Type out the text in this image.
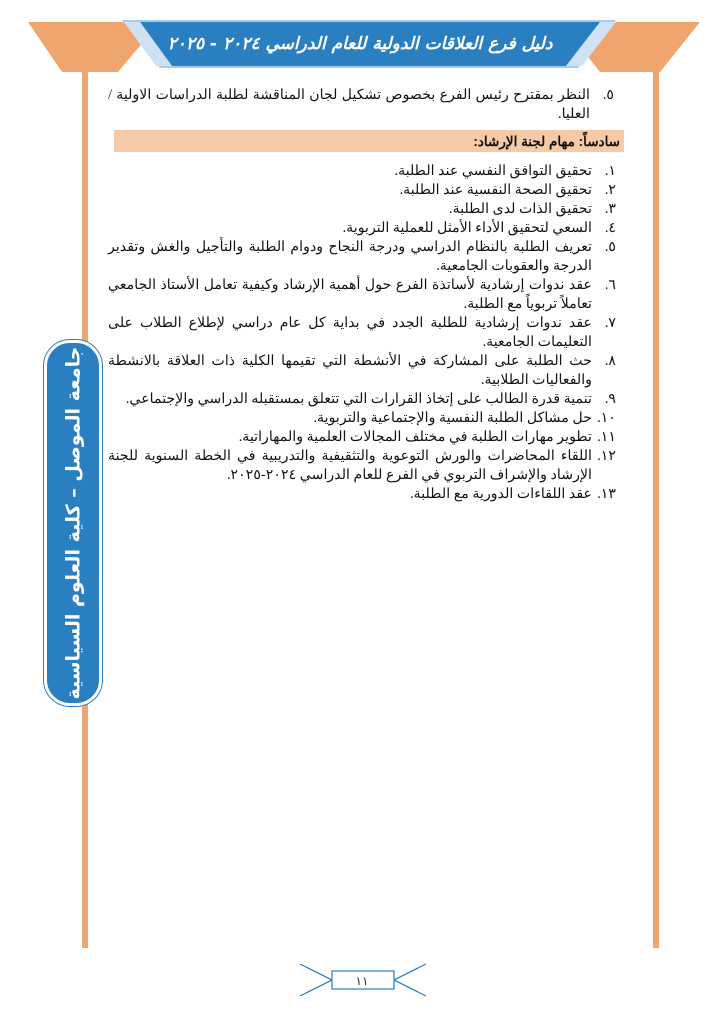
دليل فرع العلاقات الدولية للعام الدراسي ٢٠٢٤ - ٢٠٢٥
جامعة الموصل – كلية العلوم السياسية
٥.
النظر بمقترح رئيس الفرع بخصوص تشكيل لجان المناقشة لطلبة الدراسات الاولية / العليا.
سادساً: مهام لجنة الإرشاد:
١.
تحقيق التوافق النفسي عند الطلبة.
٢.
تحقيق الصحة النفسية عند الطلبة.
٣.
تحقيق الذات لدى الطلبة.
٤.
السعي لتحقيق الأداء الأمثل للعملية التربوية.
٥.
تعريف الطلبة بالنظام الدراسي ودرجة النجاح ودوام الطلبة والتأجيل والغش وتقدير الدرجة والعقوبات الجامعية.
٦.
عقد ندوات إرشادية لأساتذة الفرع حول أهمية الإرشاد وكيفية تعامل الأستاذ الجامعي تعاملاً تربوياً مع الطلبة.
٧.
عقد ندوات إرشادية للطلبة الجدد في بداية كل عام دراسي لإطلاع الطلاب على التعليمات الجامعية.
٨.
حث الطلبة على المشاركة في الأنشطة التي تقيمها الكلية ذات العلاقة بالانشطة والفعاليات الطلابية.
٩.
تنمية قدرة الطالب على إتخاذ القرارات التي تتعلق بمستقبله الدراسي والإجتماعي.
١٠.
حل مشاكل الطلبة النفسية والإجتماعية والتربوية.
١١.
تطوير مهارات الطلبة في مختلف المجالات العلمية والمهاراتية.
١٢.
اللقاء المحاضرات والورش التوعوية والتثقيفية والتدريبية في الخطة السنوية للجنة الإرشاد والإشراف التربوي في الفرع للعام الدراسي ٢٠٢٤-٢٠٢٥.
١٣.
عقد اللقاءات الدورية مع الطلبة.
١١
